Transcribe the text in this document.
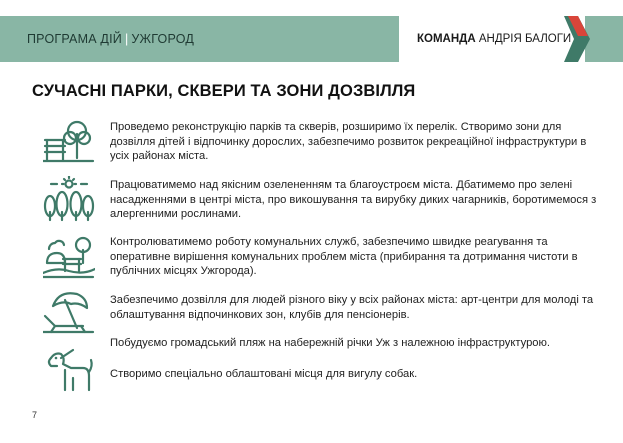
ПРОГРАМА ДІЙ | УЖГОРОД	КОМАНДА АНДРІЯ БАЛОГИ
СУЧАСНІ ПАРКИ, СКВЕРИ ТА ЗОНИ ДОЗВІЛЛЯ

Проведемо реконструкцію парків та скверів, розширимо їх перелік. Створимо зони для дозвілля дітей і відпочинку дорослих, забезпечимо розвиток рекреаційної інфраструктури в усіх районах міста.

Працюватимемо над якісним озелененням та благоустроєм міста. Дбатимемо про зелені насадженнями в центрі міста, про викошування та вирубку диких чагарників, боротимемося з алергенними рослинами.

Контролюватимемо роботу комунальних служб, забезпечимо швидке реагування та оперативне вирішення комунальних проблем міста (прибирання та дотримання чистоти в публічних місцях Ужгорода).

Забезпечимо дозвілля для людей різного віку у всіх районах міста: арт-центри для молоді та облаштування відпочинкових зон, клубів для пенсіонерів.

Побудуємо громадський пляж на набережній річки Уж з належною інфраструктурою.

Створимо спеціально облаштовані місця для вигулу собак.

7
